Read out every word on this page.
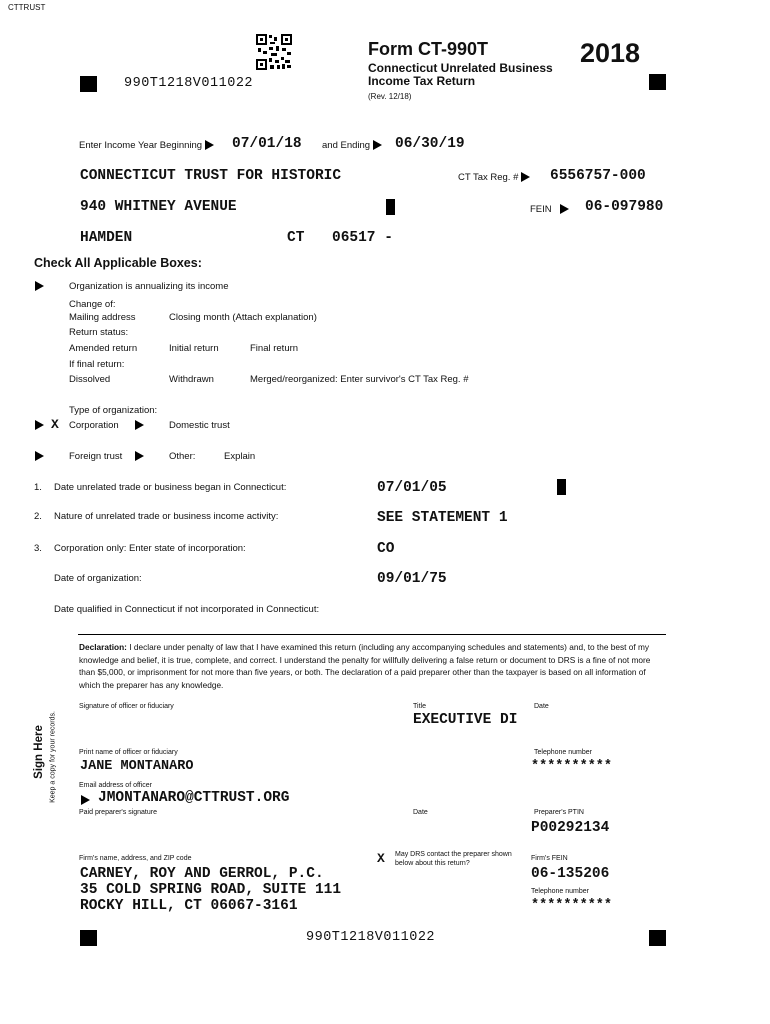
CTTRUST
990T1218V011022
Form CT-990T
Connecticut Unrelated Business
Income Tax Return
(Rev. 12/18)
2018
Enter Income Year Beginning	07/01/18 and Ending	06/30/19
CONNECTICUT TRUST FOR HISTORIC	CT Tax Reg. #	6556757-000
940 WHITNEY AVENUE	FEIN	06-097980
HAMDEN	CT 06517 -
Check All Applicable Boxes:
Organization is annualizing its income
Change of:
Mailing address	Closing month (Attach explanation)
Return status:
Amended return	Initial return	Final return
If final return:
Dissolved	Withdrawn	Merged/reorganized: Enter survivor's CT Tax Reg. #
Type of organization:
X Corporation	Domestic trust
Foreign trust	Other:	Explain
1. Date unrelated trade or business began in Connecticut:	07/01/05
2. Nature of unrelated trade or business income activity:	SEE STATEMENT 1
3. Corporation only: Enter state of incorporation:	CO
Date of organization:	09/01/75
Date qualified in Connecticut if not incorporated in Connecticut:
Declaration: I declare under penalty of law that I have examined this return (including any accompanying schedules and statements) and, to the best of my knowledge and belief, it is true, complete, and correct. I understand the penalty for willfully delivering a false return or document to DRS is a fine of not more than $5,000, or imprisonment for not more than five years, or both. The declaration of a paid preparer other than the taxpayer is based on all information of which the preparer has any knowledge.
Sign Here Keep a copy for your records.
Signature of officer or fiduciary	Title
EXECUTIVE DI
Date
Print name of officer or fiduciary
JANE MONTANARO
Telephone number
**********
Email address of officer
JMONTANARO@CTTRUST.ORG
Paid preparer's signature	Date	Preparer's PTIN
P00292134
Firm's name, address, and ZIP code	X May DRS contact the preparer shown
below about this return?
Firm's FEIN
06-135206
CARNEY, ROY AND GERROL, P.C.
35 COLD SPRING ROAD, SUITE 111
ROCKY HILL, CT 06067-3161
Telephone number
**********
990T1218V011022
